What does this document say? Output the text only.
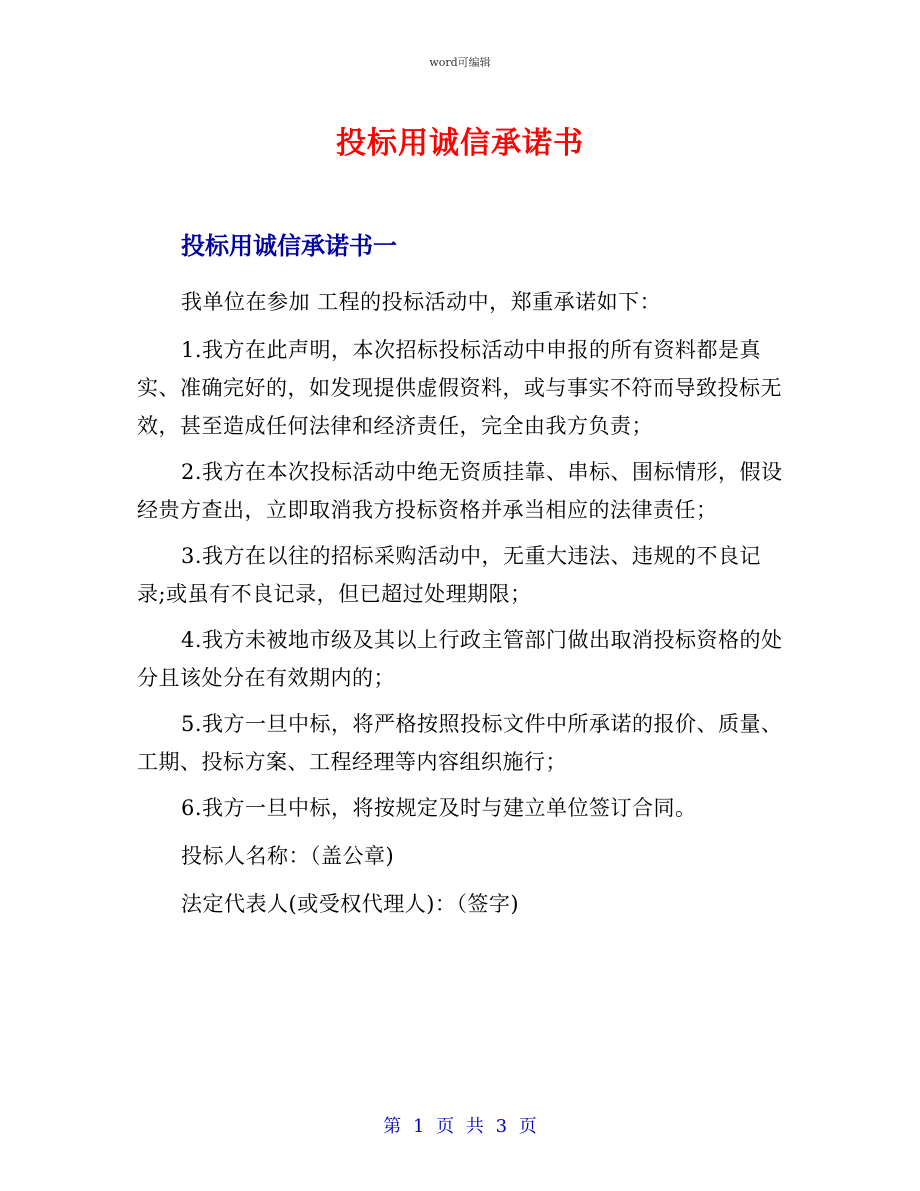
word可编辑
投标用诚信承诺书
投标用诚信承诺书一

我单位在参加 工程的投标活动中，郑重承诺如下：

1.我方在此声明，本次招标投标活动中申报的所有资料都是真实、准确完好的，如发现提供虚假资料，或与事实不符而导致投标无效，甚至造成任何法律和经济责任，完全由我方负责；

2.我方在本次投标活动中绝无资质挂靠、串标、围标情形，假设经贵方查出，立即取消我方投标资格并承当相应的法律责任；

3.我方在以往的招标采购活动中，无重大违法、违规的不良记录;或虽有不良记录，但已超过处理期限；

4.我方未被地市级及其以上行政主管部门做出取消投标资格的处分且该处分在有效期内的；

5.我方一旦中标，将严格按照投标文件中所承诺的报价、质量、工期、投标方案、工程经理等内容组织施行；

6.我方一旦中标，将按规定及时与建立单位签订合同。

投标人名称：（盖公章)

法定代表人(或受权代理人)：（签字)

第 1 页 共 3 页
